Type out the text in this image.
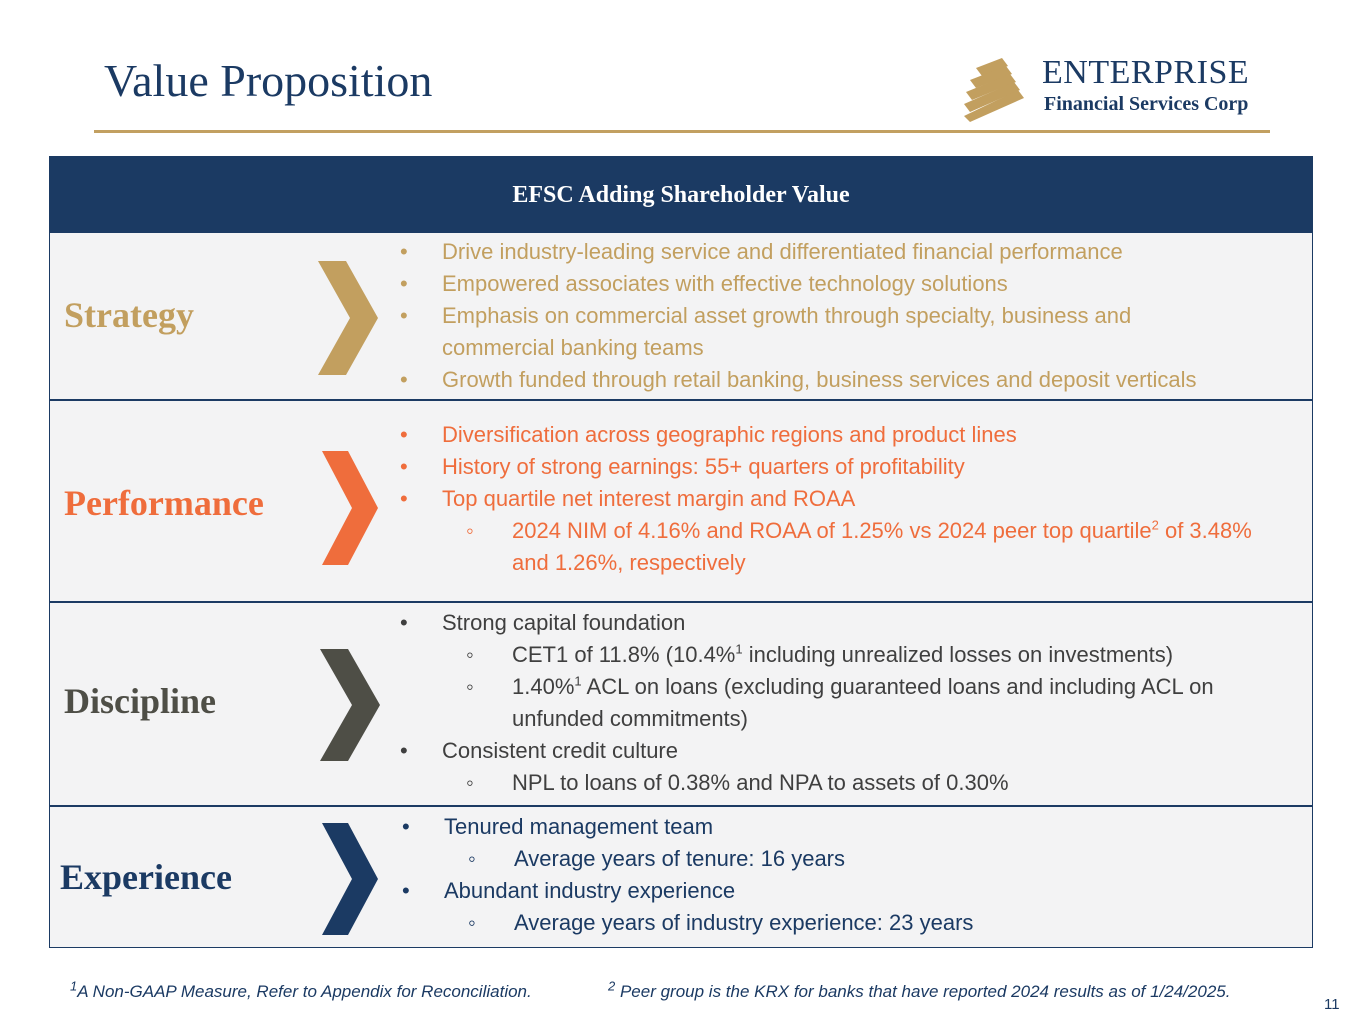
Value Proposition	ENTERPRISE
Financial Services Corp
EFSC Adding Shareholder Value
Strategy
• Drive industry-leading service and differentiated financial performance
• Empowered associates with effective technology solutions
• Emphasis on commercial asset growth through specialty, business and commercial banking teams
• Growth funded through retail banking, business services and deposit verticals
Performance
• Diversification across geographic regions and product lines
• History of strong earnings: 55+ quarters of profitability
• Top quartile net interest margin and ROAA
◦ 2024 NIM of 4.16% and ROAA of 1.25% vs 2024 peer top quartile$^2$ of 3.48% and 1.26%, respectively
Discipline
• Strong capital foundation
◦ CET1 of 11.8% (10.4%$^1$ including unrealized losses on investments)
◦ 1.40%$^1$ ACL on loans (excluding guaranteed loans and including ACL on unfunded commitments)
• Consistent credit culture
◦ NPL to loans of 0.38% and NPA to assets of 0.30%
Experience
• Tenured management team
◦ Average years of tenure: 16 years
• Abundant industry experience
◦ Average years of industry experience: 23 years
$^1$A Non-GAAP Measure, Refer to Appendix for Reconciliation.	$^2$ Peer group is the KRX for banks that have reported 2024 results as of 1/24/2025.
11
